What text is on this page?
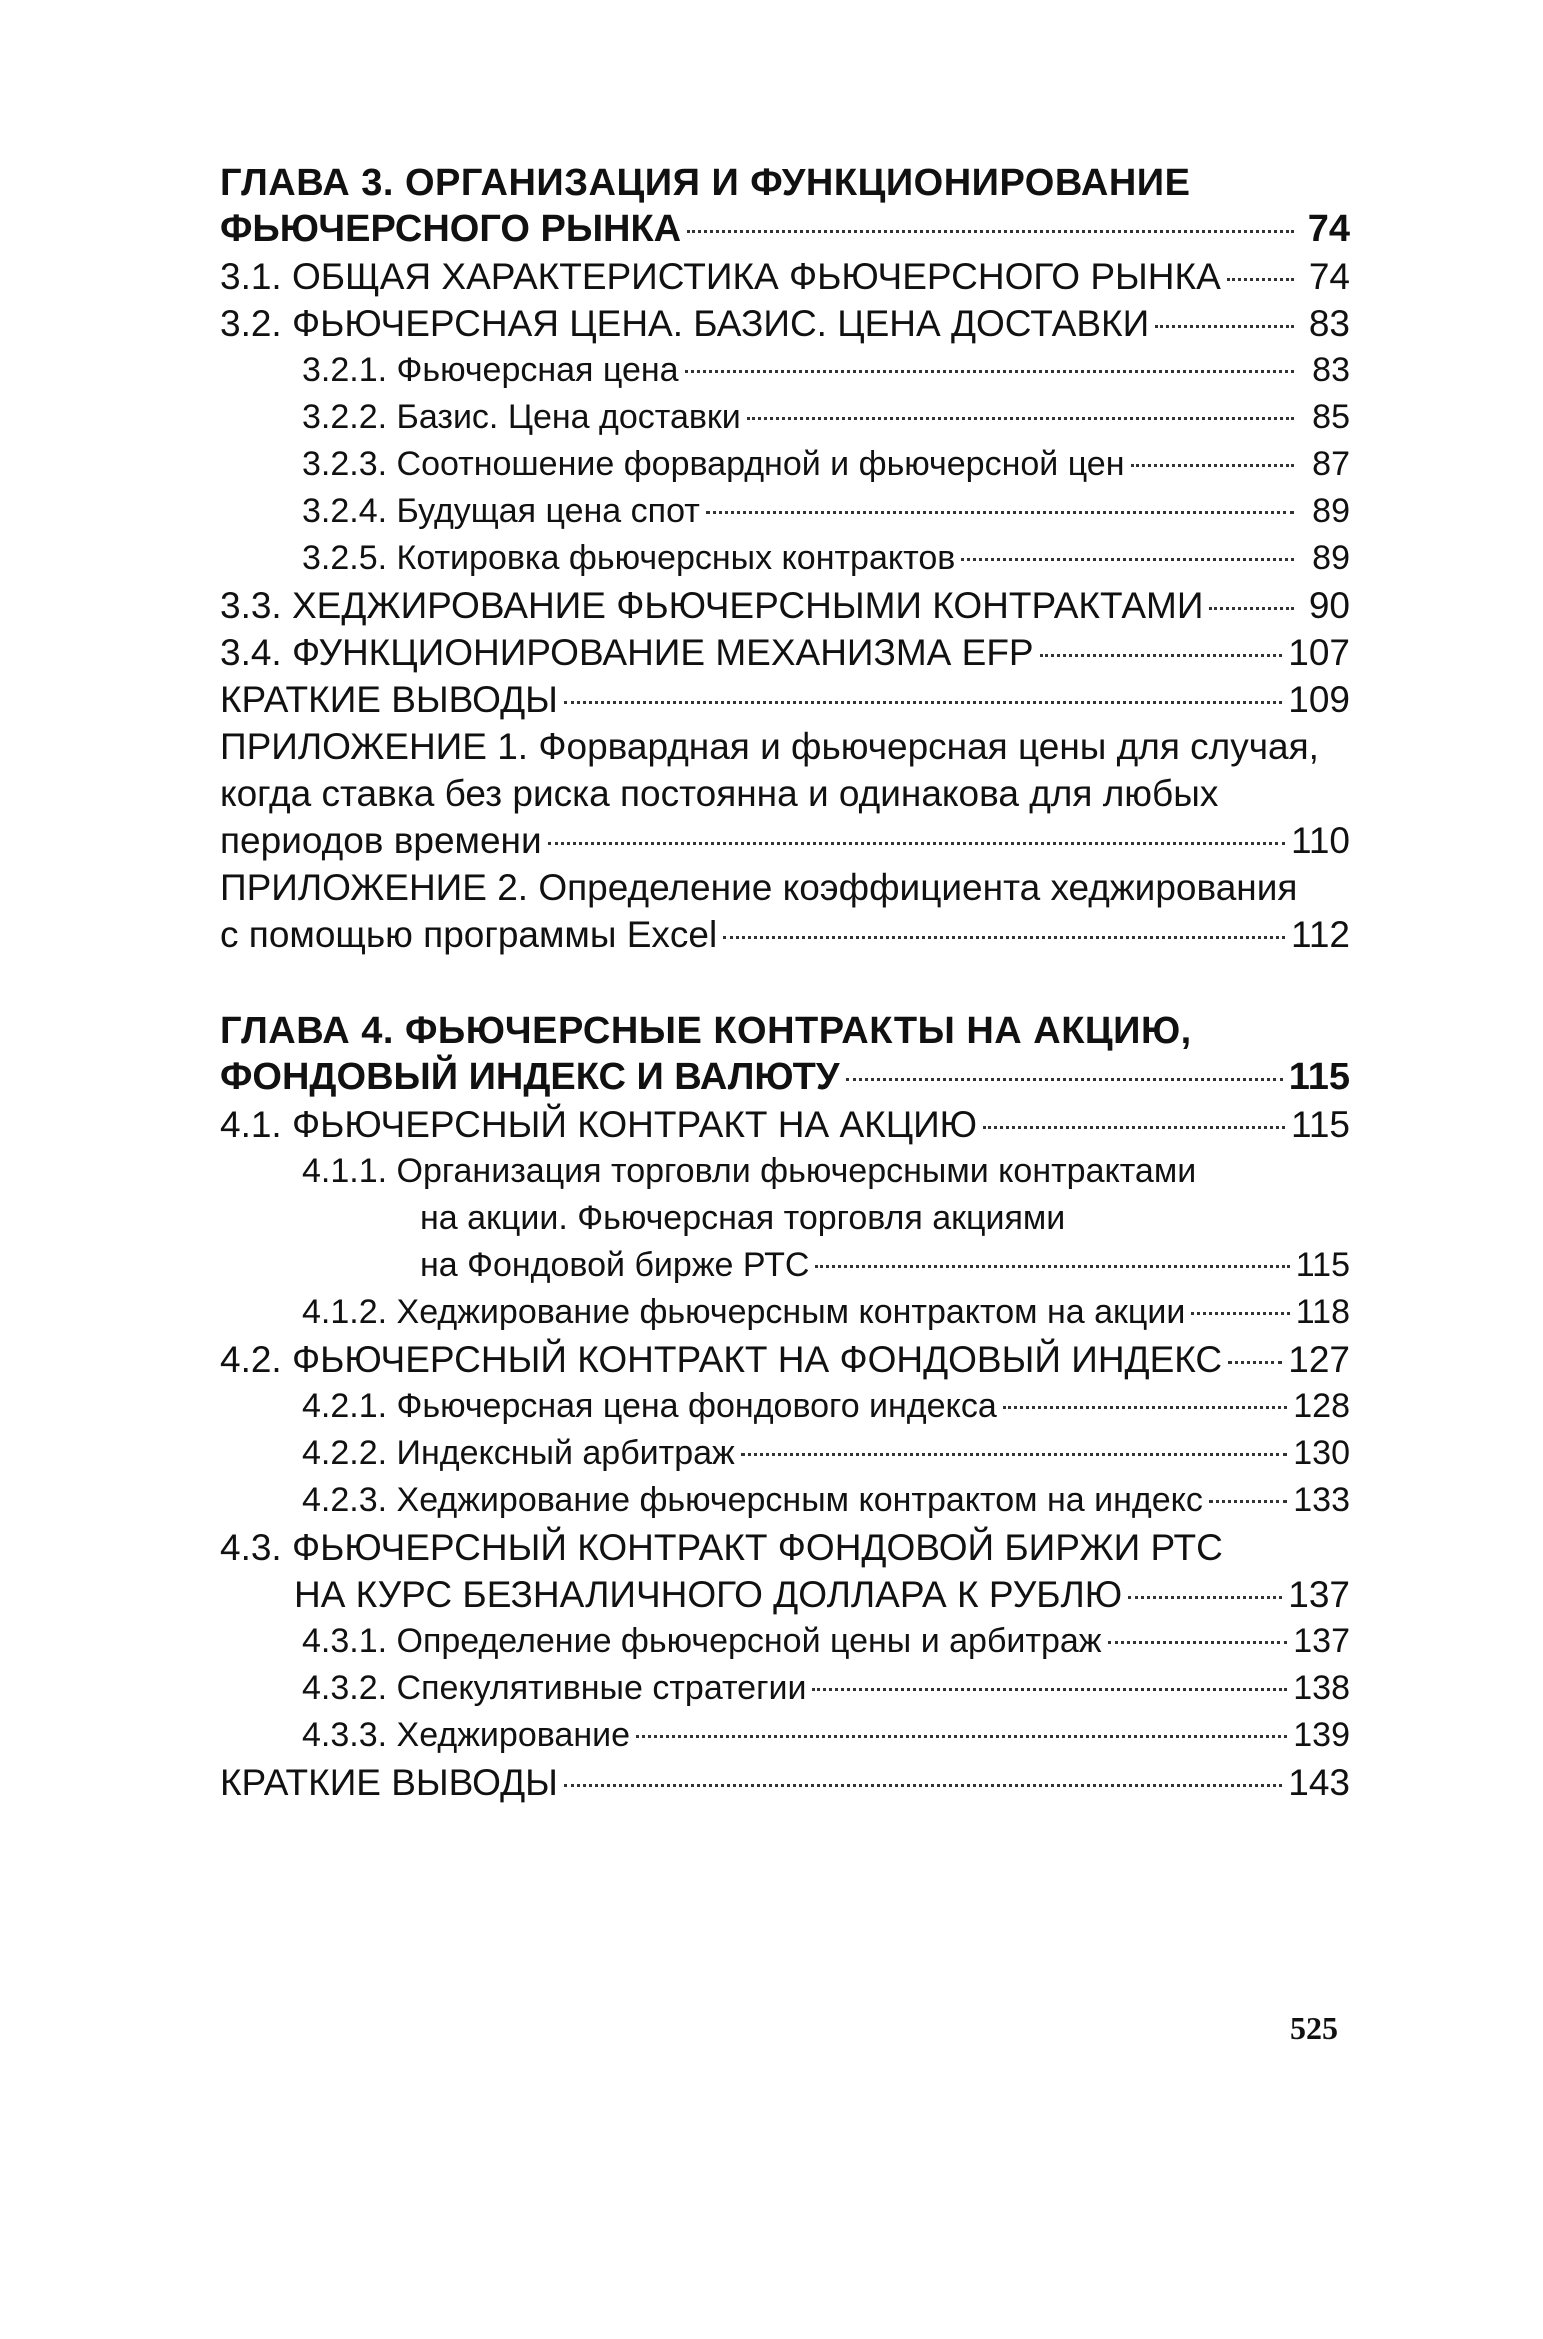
ГЛАВА 3. ОРГАНИЗАЦИЯ И ФУНКЦИОНИРОВАНИЕ
ФЬЮЧЕРСНОГО РЫНКА	74
3.1. ОБЩАЯ ХАРАКТЕРИСТИКА ФЬЮЧЕРСНОГО РЫНКА 74
3.2. ФЬЮЧЕРСНАЯ ЦЕНА. БАЗИС. ЦЕНА ДОСТАВКИ	83
3.2.1. Фьючерсная цена	83
3.2.2. Базис. Цена доставки	85
3.2.3. Соотношение форвардной и фьючерсной цен	87
3.2.4. Будущая цена спот	89
3.2.5. Котировка фьючерсных контрактов	89
3.3. ХЕДЖИРОВАНИЕ ФЬЮЧЕРСНЫМИ КОНТРАКТАМИ	90
3.4. ФУНКЦИОНИРОВАНИЕ МЕХАНИЗМА EFP	107
КРАТКИЕ ВЫВОДЫ	109
ПРИЛОЖЕНИЕ 1. Форвардная и фьючерсная цены для случая,
когда ставка без риска постоянна и одинакова для любых
периодов времени	110
ПРИЛОЖЕНИЕ 2. Определение коэффициента хеджирования
с помощью программы Excel	112
ГЛАВА 4. ФЬЮЧЕРСНЫЕ КОНТРАКТЫ НА АКЦИЮ,
ФОНДОВЫЙ ИНДЕКС И ВАЛЮТУ	115
4.1. ФЬЮЧЕРСНЫЙ КОНТРАКТ НА АКЦИЮ	115
4.1.1. Организация торговли фьючерсными контрактами
на акции. Фьючерсная торговля акциями
на Фондовой бирже РТС	115
4.1.2. Хеджирование фьючерсным контрактом на акции	118
4.2. ФЬЮЧЕРСНЫЙ КОНТРАКТ НА ФОНДОВЫЙ ИНДЕКС 127
4.2.1. Фьючерсная цена фондового индекса	128
4.2.2. Индексный арбитраж	130
4.2.3. Хеджирование фьючерсным контрактом на индекс	133
4.3. ФЬЮЧЕРСНЫЙ КОНТРАКТ ФОНДОВОЙ БИРЖИ РТС
НА КУРС БЕЗНАЛИЧНОГО ДОЛЛАРА К РУБЛЮ	137
4.3.1. Определение фьючерсной цены и арбитраж	137
4.3.2. Спекулятивные стратегии	138
4.3.3. Хеджирование	139
КРАТКИЕ ВЫВОДЫ	143
525
